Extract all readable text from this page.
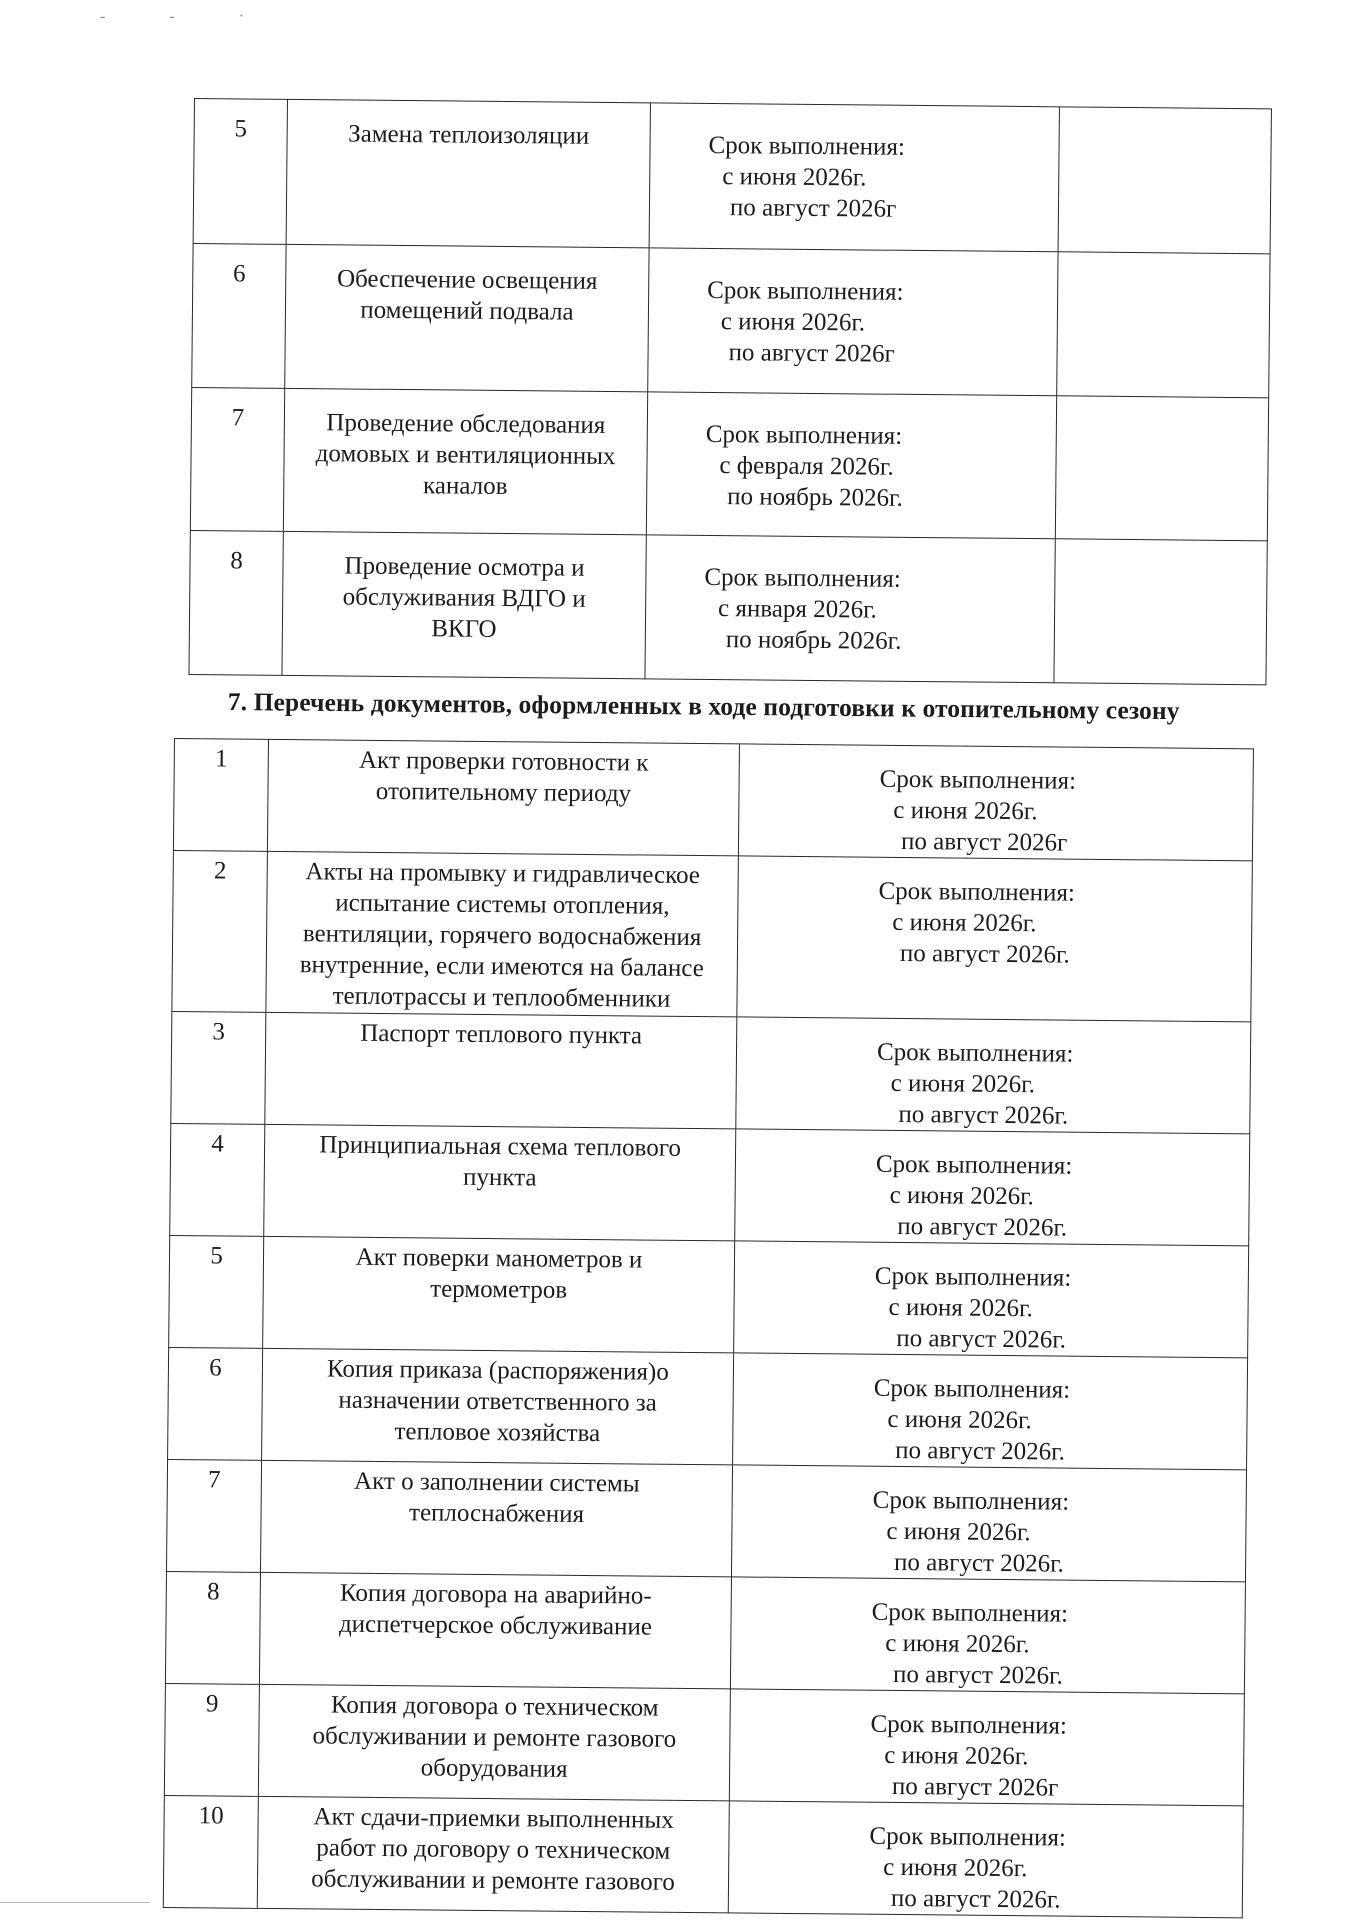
‐ ‐ ·
5	Замена теплоизоляции	Срок выполнения:
с июня 2026г.
по август 2026г	

6	Обеспечение освещения
помещений подвала	Срок выполнения:
с июня 2026г.
по август 2026г	

7	Проведение обследования
домовых и вентиляционных
каналов	Срок выполнения:
с февраля 2026г.
по ноябрь 2026г.	

8	Проведение осмотра и
обслуживания ВДГО и
ВКГО	Срок выполнения:
с января 2026г.
по ноябрь 2026г.	

7. Перечень документов, оформленных в ходе подготовки к отопительному сезону
1	Акт проверки готовности к
отопительному периоду	Срок выполнения:
с июня 2026г.
по август 2026г

2	Акты на промывку и гидравлическое
испытание системы отопления,
вентиляции, горячего водоснабжения
внутренние, если имеются на балансе
теплотрассы и теплообменники	Срок выполнения:
с июня 2026г.
по август 2026г.

3	Паспорт теплового пункта	Срок выполнения:
с июня 2026г.
по август 2026г.

4	Принципиальная схема теплового
пункта	Срок выполнения:
с июня 2026г.
по август 2026г.

5	Акт поверки манометров и
термометров	Срок выполнения:
с июня 2026г.
по август 2026г.

6	Копия приказа (распоряжения)о
назначении ответственного за
тепловое хозяйства	Срок выполнения:
с июня 2026г.
по август 2026г.

7	Акт о заполнении системы
теплоснабжения	Срок выполнения:
с июня 2026г.
по август 2026г.

8	Копия договора на аварийно-
диспетчерское обслуживание	Срок выполнения:
с июня 2026г.
по август 2026г.

9	Копия договора о техническом
обслуживании и ремонте газового
оборудования	Срок выполнения:
с июня 2026г.
по август 2026г

10	Акт сдачи-приемки выполненных
работ по договору о техническом
обслуживании и ремонте газового	Срок выполнения:
с июня 2026г.
по август 2026г.
